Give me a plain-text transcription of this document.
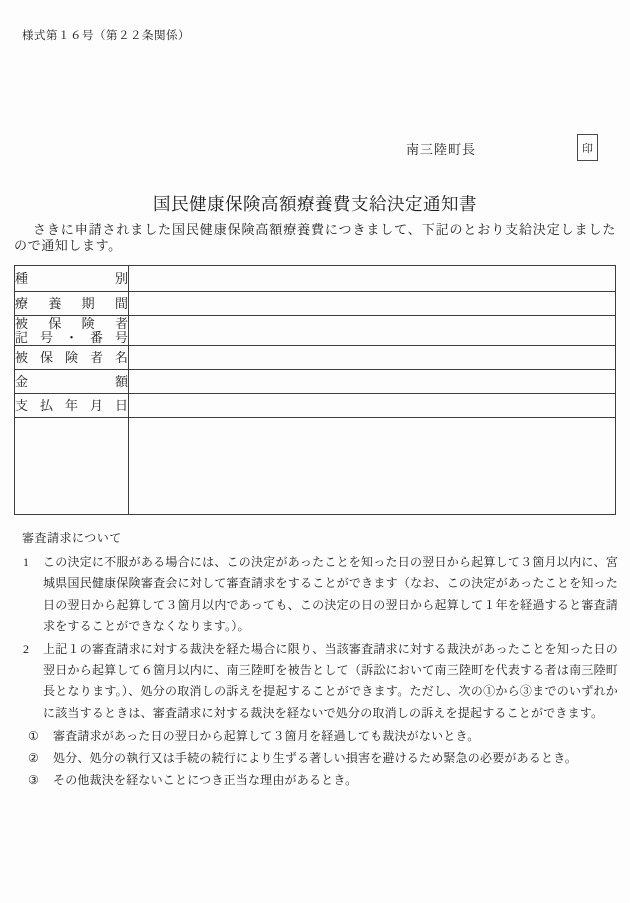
様式第１６号（第２２条関係）
南三陸町長	印
国民健康保険高額療養費支給決定通知書

さきに申請されました国民健康保険高額療養費につきまして、下記のとおり支給決定しましたので通知します。

種別	

療養期間	

被保険者
記号・番号	

被保険者名	

金額	

支払年月日	

審査請求について

1 この決定に不服がある場合には、この決定があったことを知った日の翌日から起算して３箇月以内に、宮城県国民健康保険審査会に対して審査請求をすることができます（なお、この決定があったことを知った日の翌日から起算して３箇月以内であっても、この決定の日の翌日から起算して１年を経過すると審査請求をすることができなくなります。）。
2 上記１の審査請求に対する裁決を経た場合に限り、当該審査請求に対する裁決があったことを知った日の翌日から起算して６箇月以内に、南三陸町を被告として（訴訟において南三陸町を代表する者は南三陸町長となります。）、処分の取消しの訴えを提起することができます。ただし、次の①から③までのいずれかに該当するときは、審査請求に対する裁決を経ないで処分の取消しの訴えを提起することができます。
① 審査請求があった日の翌日から起算して３箇月を経過しても裁決がないとき。
② 処分、処分の執行又は手続の続行により生ずる著しい損害を避けるため緊急の必要があるとき。
③ その他裁決を経ないことにつき正当な理由があるとき。
